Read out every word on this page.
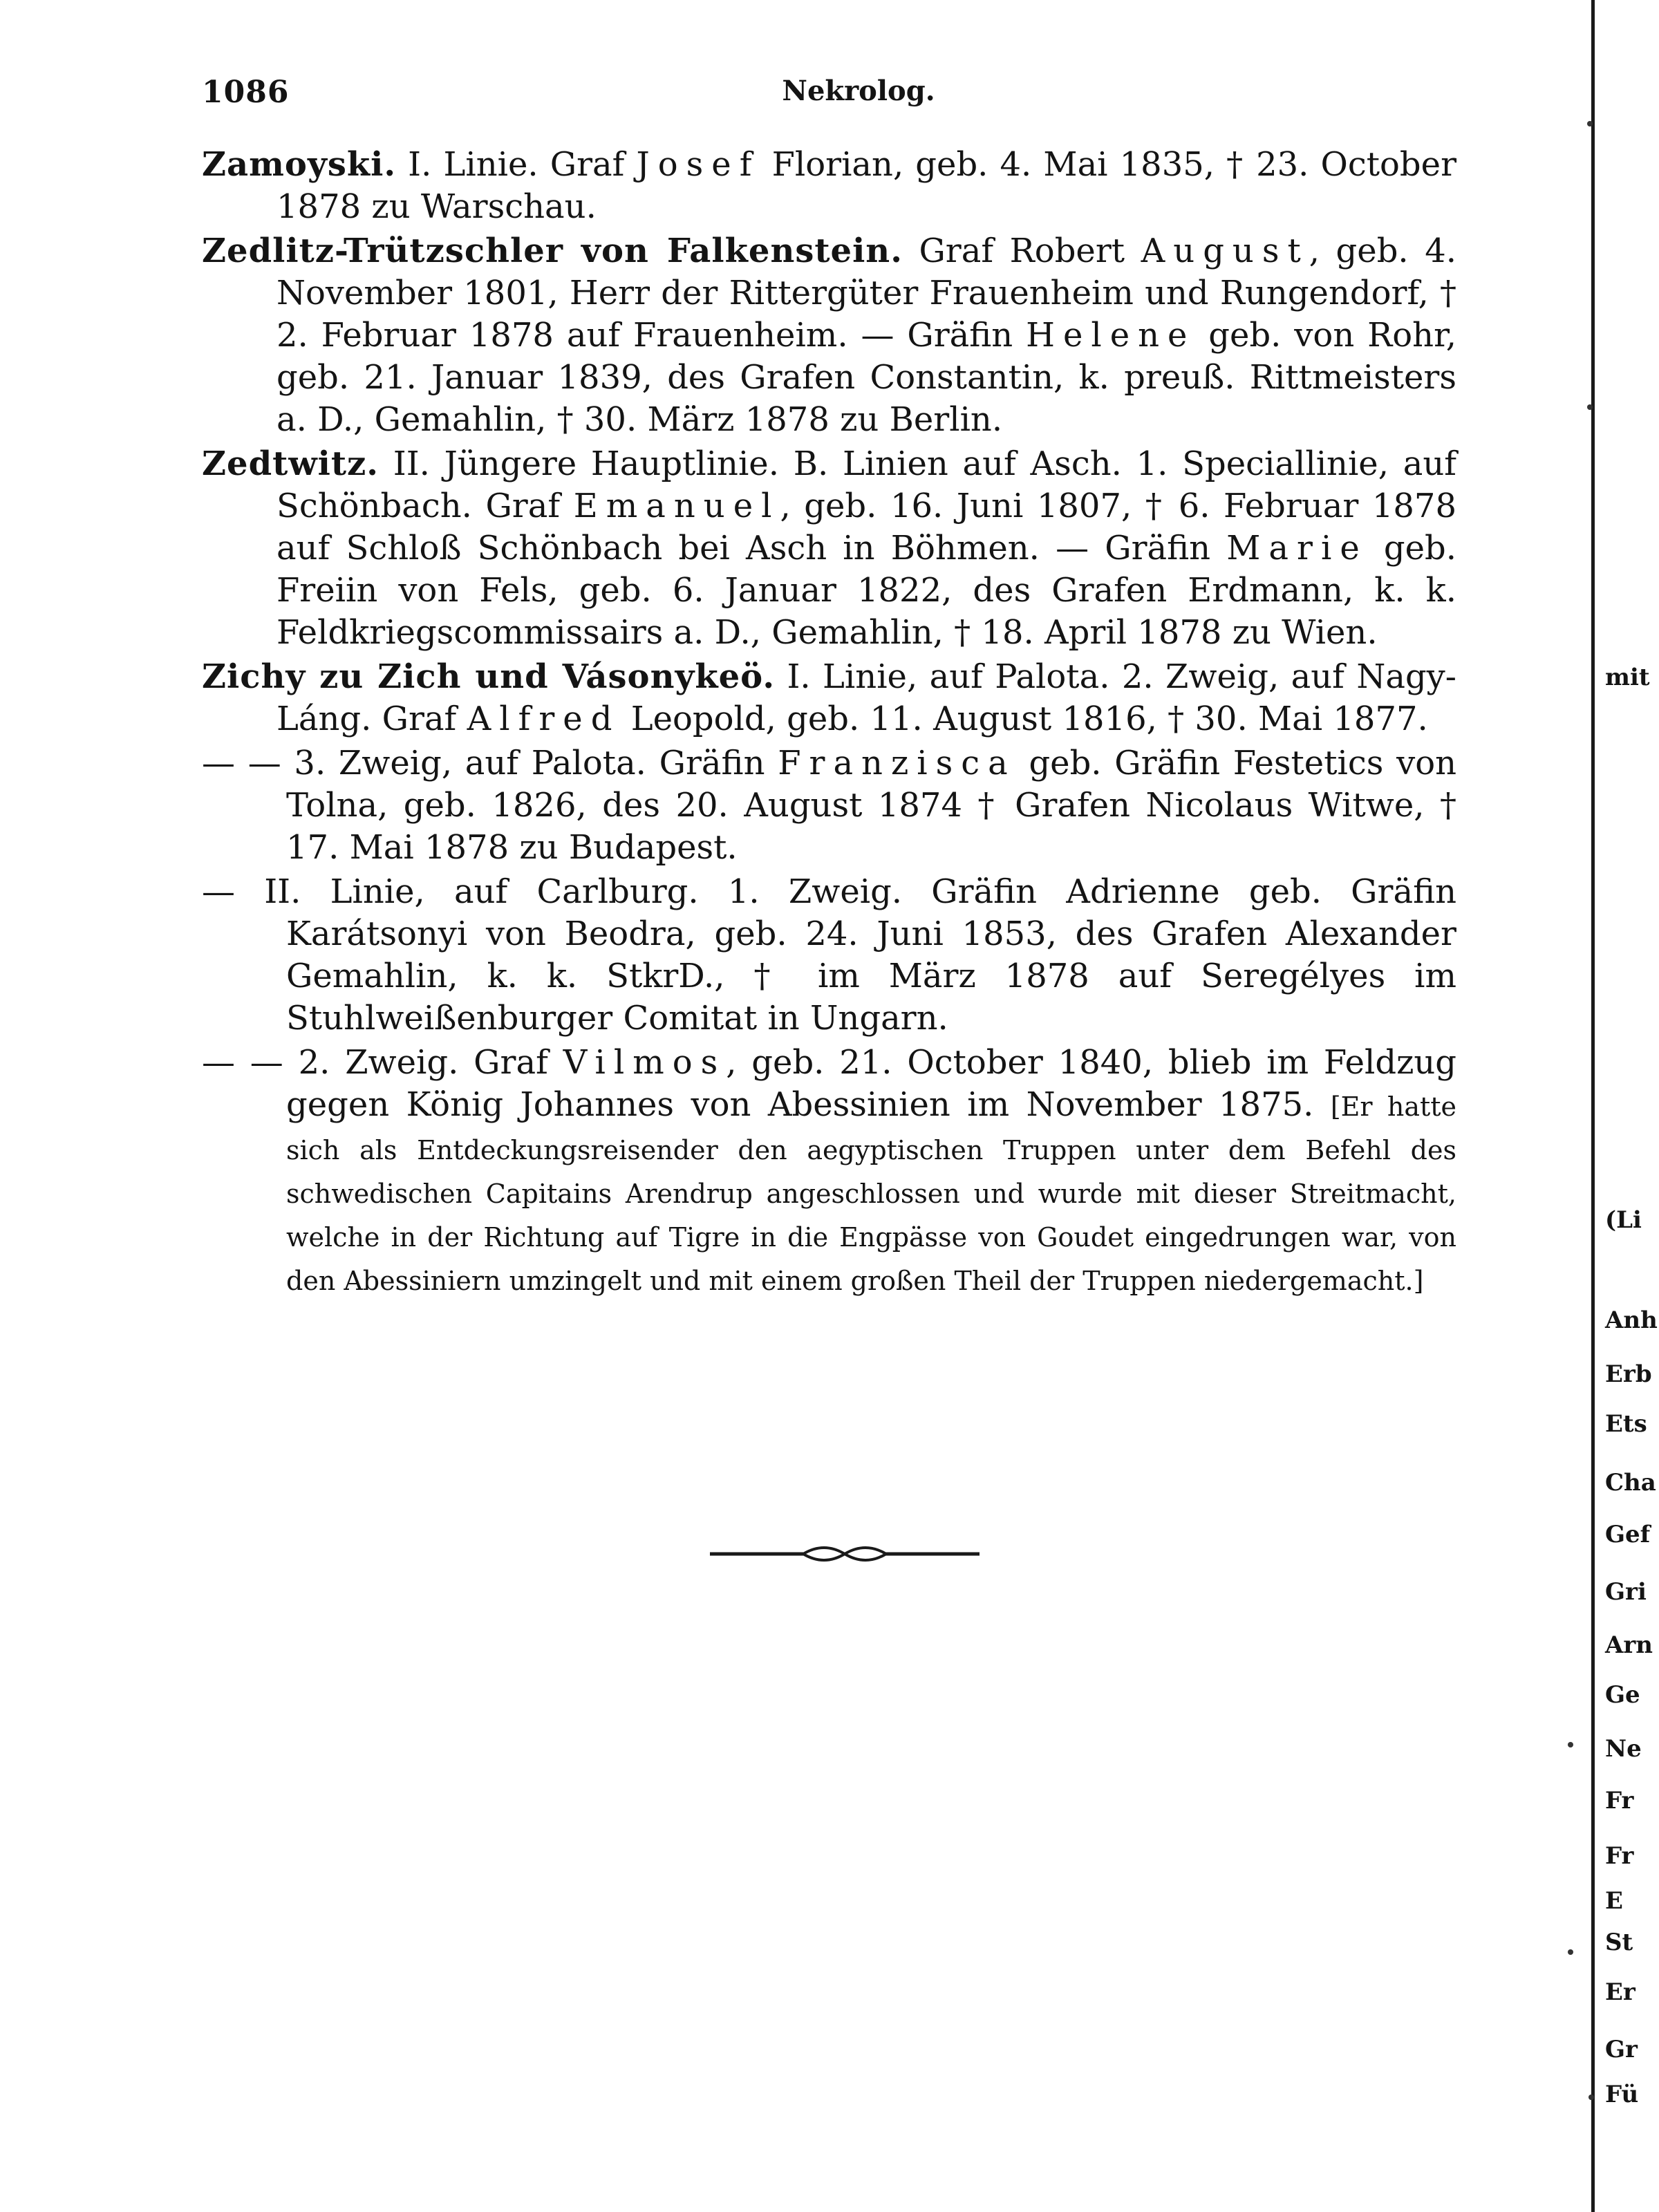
1086	Nekrolog.

Zamoyski. I. Linie. Graf Josef Florian, geb. 4. Mai 1835, † 23. October 1878 zu Warschau.

Zedlitz-Trützschler von Falkenstein. Graf Robert August, geb. 4. November 1801, Herr der Rittergüter Frauenheim und Rungendorf, † 2. Februar 1878 auf Frauenheim. — Gräfin Helene geb. von Rohr, geb. 21. Januar 1839, des Grafen Constantin, k. preuß. Rittmeisters a. D., Gemahlin, † 30. März 1878 zu Berlin.

Zedtwitz. II. Jüngere Hauptlinie. B. Linien auf Asch. 1. Speciallinie, auf Schönbach. Graf Emanuel, geb. 16. Juni 1807, † 6. Februar 1878 auf Schloß Schönbach bei Asch in Böhmen. — Gräfin Marie geb. Freiin von Fels, geb. 6. Januar 1822, des Grafen Erdmann, k. k. Feldkriegscommissairs a. D., Gemahlin, † 18. April 1878 zu Wien.

Zichy zu Zich und Vásonykeö. I. Linie, auf Palota. 2. Zweig, auf Nagy-Láng. Graf Alfred Leopold, geb. 11. August 1816, † 30. Mai 1877.

— — 3. Zweig, auf Palota. Gräfin Franzisca geb. Gräfin Festetics von Tolna, geb. 1826, des 20. August 1874 † Grafen Nicolaus Witwe, † 17. Mai 1878 zu Budapest.

— II. Linie, auf Carlburg. 1. Zweig. Gräfin Adrienne geb. Gräfin Karátsonyi von Beodra, geb. 24. Juni 1853, des Grafen Alexander Gemahlin, k. k. StkrD., † im März 1878 auf Seregélyes im Stuhlweißenburger Comitat in Ungarn.

— — 2. Zweig. Graf Vilmos, geb. 21. October 1840, blieb im Feldzug gegen König Johannes von Abessinien im November 1875. [Er hatte sich als Entdeckungsreisender den aegyptischen Truppen unter dem Befehl des schwedischen Capitains Arendrup angeschlossen und wurde mit dieser Streitmacht, welche in der Richtung auf Tigre in die Engpässe von Goudet eingedrungen war, von den Abessiniern umzingelt und mit einem großen Theil der Truppen niedergemacht.]

mit
(Li
Anh
Erb
Ets
Cha
Gef
Gri
Arn
Ge
Ne
Fr
Fr
E
St
Er
Gr
Fü
